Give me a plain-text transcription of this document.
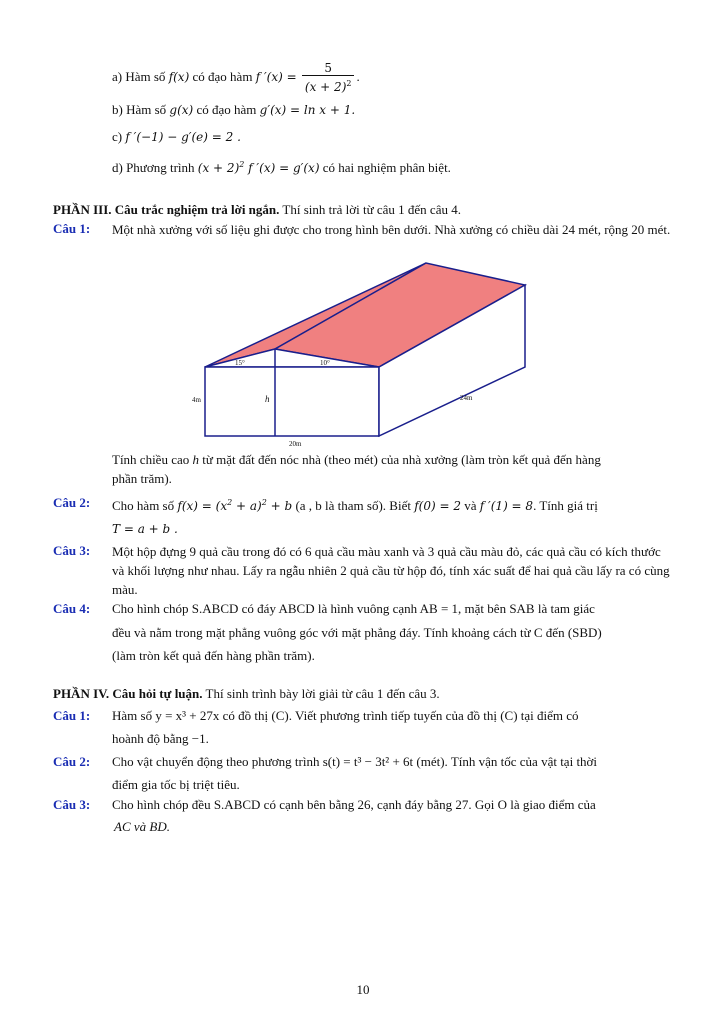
a) Hàm số f(x) có đạo hàm f $'(x) = \frac{5}{(x + 2)^2}$ .
b) Hàm số g(x) có đạo hàm g′(x) = ln x + 1.
c) f ′(−1) − g′(e) = 2 .
d) Phương trình $(x + 2)^2$ f ′(x) = g′(x) có hai nghiệm phân biệt.
PHẦN III. Câu trắc nghiệm trả lời ngắn. Thí sinh trả lời từ câu 1 đến câu 4.
Câu 1: Một nhà xưởng với số liệu ghi được cho trong hình bên dưới. Nhà xưởng có chiều dài 24 mét, rộng 20 mét.
15°	10°
4m	h	24m
20m
Tính chiều cao h từ mặt đất đến nóc nhà (theo mét) của nhà xưởng (làm tròn kết quả đến hàng
phần trăm).
Câu 2: Cho hàm số $f(x) = (x^2 + a)^2 + b$ (a , b là tham số). Biết f(0) = 2 và f ′(1) = 8. Tính giá trị
T = a + b .
Câu 3: Một hộp đựng 9 quả cầu trong đó có 6 quả cầu màu xanh và 3 quả cầu màu đỏ, các quả cầu có kích thước và khối lượng như nhau. Lấy ra ngẫu nhiên 2 quả cầu từ hộp đó, tính xác suất để hai quả cầu lấy ra có cùng màu.
Câu 4: Cho hình chóp S.ABCD có đáy ABCD là hình vuông cạnh AB = 1, mặt bên SAB là tam giác
đều và nằm trong mặt phẳng vuông góc với mặt phẳng đáy. Tính khoảng cách từ C đến (SBD)
(làm tròn kết quả đến hàng phần trăm).
PHẦN IV. Câu hỏi tự luận. Thí sinh trình bày lời giải từ câu 1 đến câu 3.
Câu 1: Hàm số y = x³ + 27x có đồ thị (C). Viết phương trình tiếp tuyến của đồ thị (C) tại điểm có
hoành độ bằng −1.
Câu 2: Cho vật chuyển động theo phương trình s(t) = t³ − 3t² + 6t (mét). Tính vận tốc của vật tại thời
điểm gia tốc bị triệt tiêu.
Câu 3: Cho hình chóp đều S.ABCD có cạnh bên bằng 26, cạnh đáy bằng 27. Gọi O là giao điểm của
AC và BD.
10
